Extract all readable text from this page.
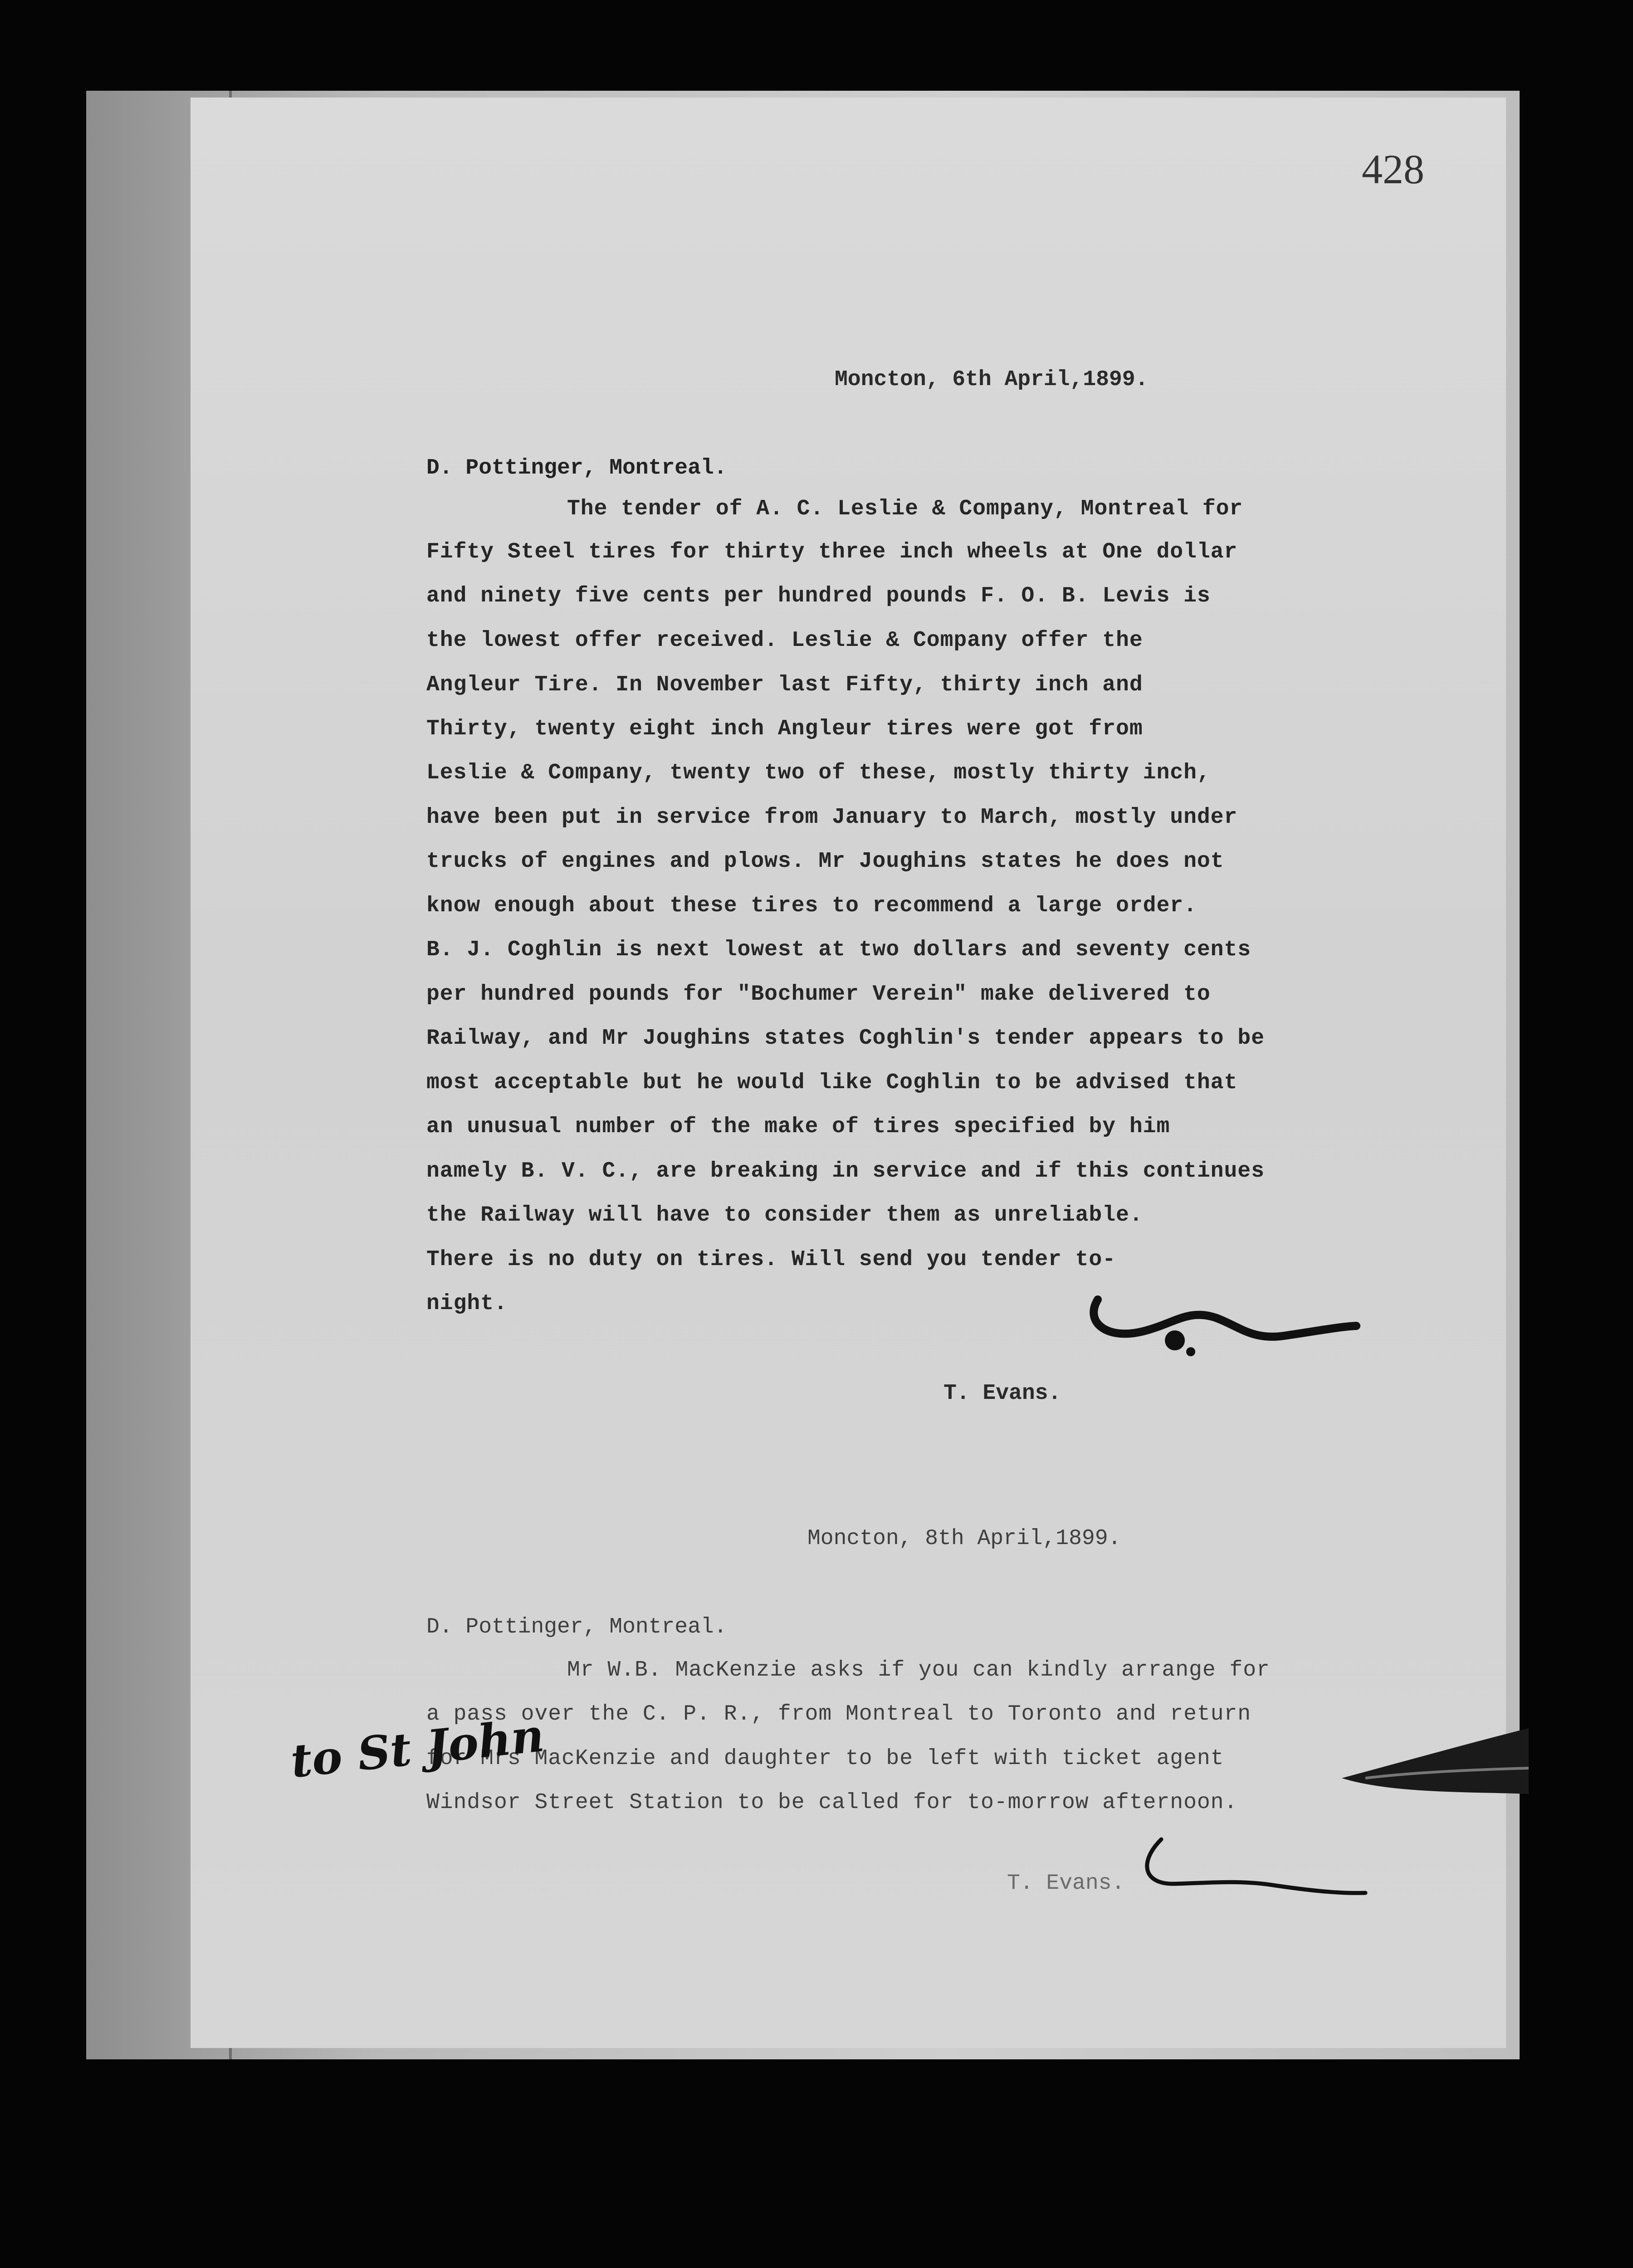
428
Moncton, 6th April,1899.
D. Pottinger, Montreal.
The tender of A. C. Leslie & Company, Montreal for
Fifty Steel tires for thirty three inch wheels at One dollar
and ninety five cents per hundred pounds F. O. B. Levis is
the lowest offer received. Leslie & Company offer the
Angleur Tire. In November last Fifty, thirty inch and
Thirty, twenty eight inch Angleur tires were got from
Leslie & Company, twenty two of these, mostly thirty inch,
have been put in service from January to March, mostly under
trucks of engines and plows. Mr Joughins states he does not
know enough about these tires to recommend a large order.
B. J. Coghlin is next lowest at two dollars and seventy cents
per hundred pounds for "Bochumer Verein" make delivered to
Railway, and Mr Joughins states Coghlin's tender appears to be
most acceptable but he would like Coghlin to be advised that
an unusual number of the make of tires specified by him
namely B. V. C., are breaking in service and if this continues
the Railway will have to consider them as unreliable.
There is no duty on tires. Will send you tender to-
night.
T. Evans.
Moncton, 8th April,1899.
D. Pottinger, Montreal.
Mr W.B. MacKenzie asks if you can kindly arrange for
a pass over the C. P. R., from Montreal to Toronto and return
for Mrs MacKenzie and daughter to be left with ticket agent
Windsor Street Station to be called for to-morrow afternoon.
T. Evans.
to St John
